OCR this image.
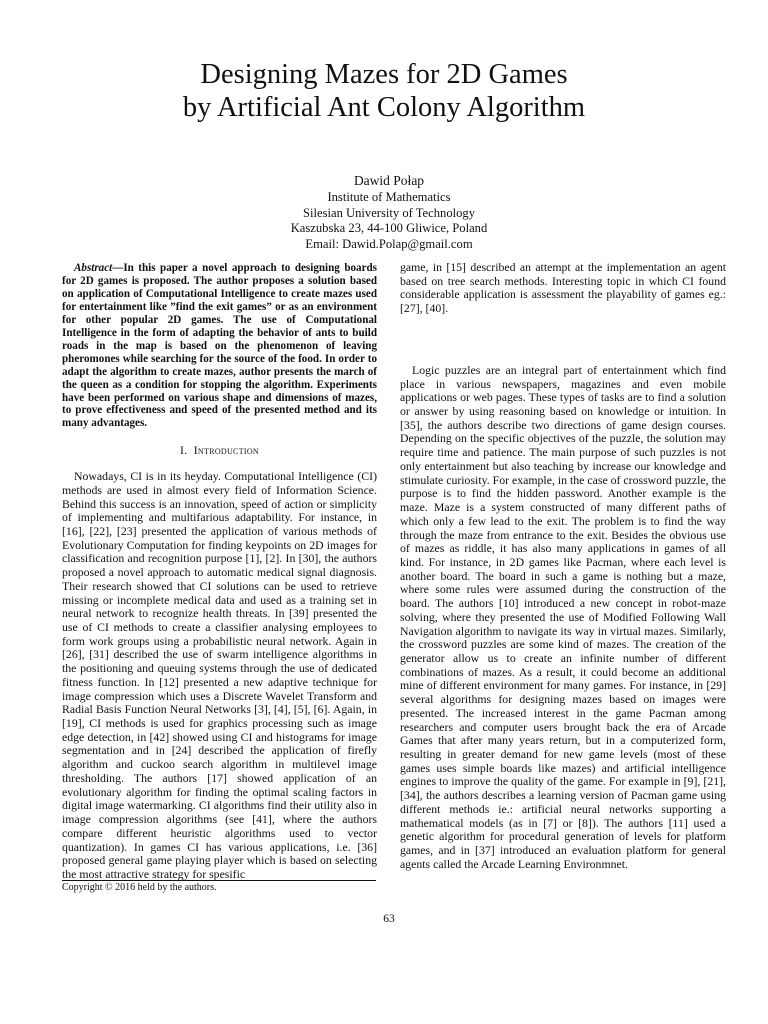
Designing Mazes for 2D Games
by Artificial Ant Colony Algorithm
Dawid Połap
Institute of Mathematics
Silesian University of Technology
Kaszubska 23, 44-100 Gliwice, Poland
Email: Dawid.Polap@gmail.com

Abstract—In this paper a novel approach to designing boards for 2D games is proposed. The author proposes a solution based on application of Computational Intelligence to create mazes used for entertainment like ”find the exit games” or as an environment for other popular 2D games. The use of Computational Intelligence in the form of adapting the behavior of ants to build roads in the map is based on the phenomenon of leaving pheromones while searching for the source of the food. In order to adapt the algorithm to create mazes, author presents the march of the queen as a condition for stopping the algorithm. Experiments have been performed on various shape and dimensions of mazes, to prove effectiveness and speed of the presented method and its many advantages.

I. Introduction

Nowadays, CI is in its heyday. Computational Intelligence (CI) methods are used in almost every field of Information Science. Behind this success is an innovation, speed of action or simplicity of implementing and multifarious adaptability. For instance, in [16], [22], [23] presented the application of various methods of Evolutionary Computation for finding keypoints on 2D images for classification and recognition purpose [1], [2]. In [30], the authors proposed a novel approach to automatic medical signal diagnosis. Their research showed that CI solutions can be used to retrieve missing or incomplete medical data and used as a training set in neural network to recognize health threats. In [39] presented the use of CI methods to create a classifier analysing employees to form work groups using a probabilistic neural network. Again in [26], [31] described the use of swarm intelligence algorithms in the positioning and queuing systems through the use of dedicated fitness function. In [12] presented a new adaptive technique for image compression which uses a Discrete Wavelet Transform and Radial Basis Function Neural Networks [3], [4], [5], [6]. Again, in [19], CI methods is used for graphics processing such as image edge detection, in [42] showed using CI and histograms for image segmentation and in [24] described the application of firefly algorithm and cuckoo search algorithm in multilevel image thresholding. The authors [17] showed application of an evolutionary algorithm for finding the optimal scaling factors in digital image watermarking. CI algorithms find their utility also in image compression algorithms (see [41], where the authors compare different heuristic algorithms used to vector quantization). In games CI has various applications, i.e. [36] proposed general game playing player which is based on selecting the most attractive strategy for spesific

game, in [15] described an attempt at the implementation an agent based on tree search methods. Interesting topic in which CI found considerable application is assessment the playability of games eg.: [27], [40].

Logic puzzles are an integral part of entertainment which find place in various newspapers, magazines and even mobile applications or web pages. These types of tasks are to find a solution or answer by using reasoning based on knowledge or intuition. In [35], the authors describe two directions of game design courses. Depending on the specific objectives of the puzzle, the solution may require time and patience. The main purpose of such puzzles is not only entertainment but also teaching by increase our knowledge and stimulate curiosity. For example, in the case of crossword puzzle, the purpose is to find the hidden password. Another example is the maze. Maze is a system constructed of many different paths of which only a few lead to the exit. The problem is to find the way through the maze from entrance to the exit. Besides the obvious use of mazes as riddle, it has also many applications in games of all kind. For instance, in 2D games like Pacman, where each level is another board. The board in such a game is nothing but a maze, where some rules were assumed during the construction of the board. The authors [10] introduced a new concept in robot-maze solving, where they presented the use of Modified Following Wall Navigation algorithm to navigate its way in virtual mazes. Similarly, the crossword puzzles are some kind of mazes. The creation of the generator allow us to create an infinite number of different combinations of mazes. As a result, it could become an additional mine of different environment for many games. For instance, in [29] several algorithms for designing mazes based on images were presented. The increased interest in the game Pacman among researchers and computer users brought back the era of Arcade Games that after many years return, but in a computerized form, resulting in greater demand for new game levels (most of these games uses simple boards like mazes) and artificial intelligence engines to improve the quality of the game. For example in [9], [21], [34], the authors describes a learning version of Pacman game using different methods ie.: artificial neural networks supporting a mathematical models (as in [7] or [8]). The authors [11] used a genetic algorithm for procedural generation of levels for platform games, and in [37] introduced an evaluation platform for general agents called the Arcade Learning Environmnet.

Copyright © 2016 held by the authors.
63
